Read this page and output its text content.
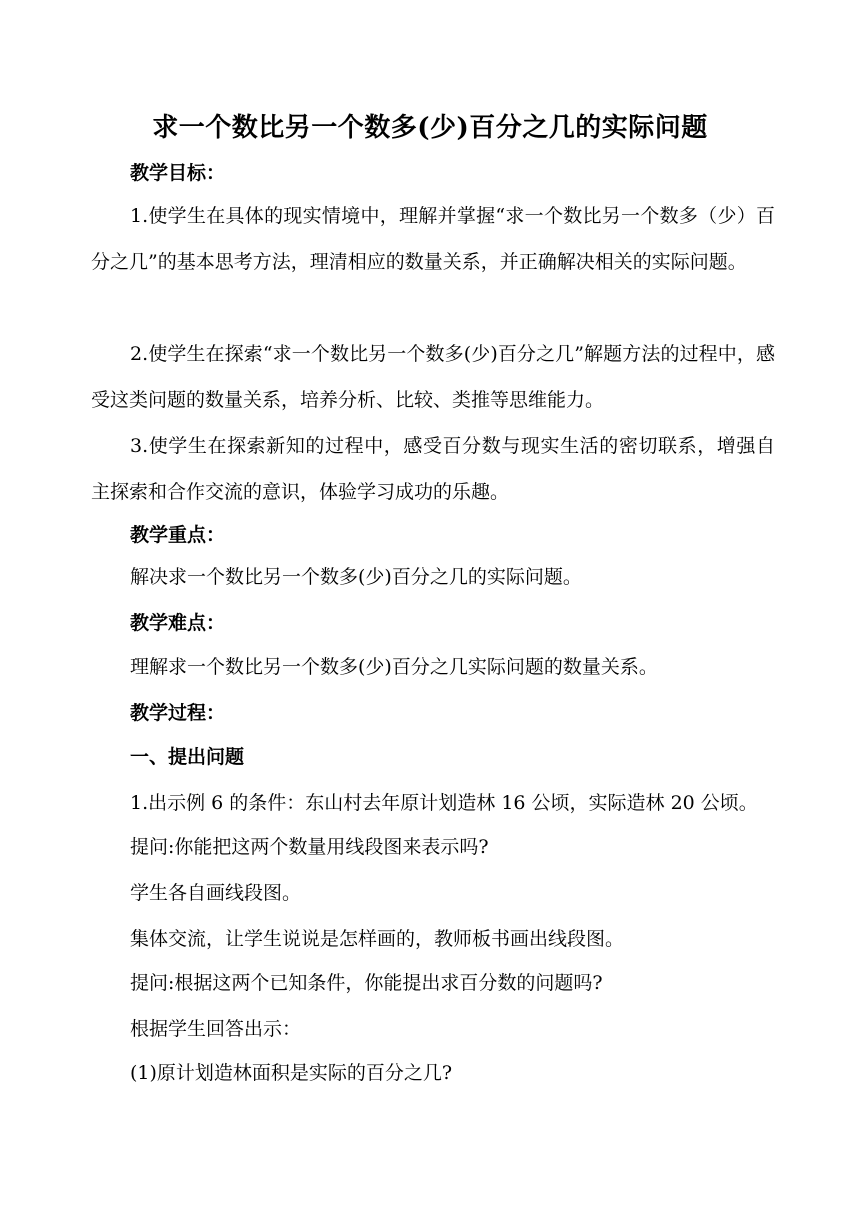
求一个数比另一个数多(少)百分之几的实际问题
教学目标：
1.使学生在具体的现实情境中，理解并掌握“求一个数比另一个数多（少）百分之几”的基本思考方法，理清相应的数量关系，并正确解决相关的实际问题。
2.使学生在探索“求一个数比另一个数多(少)百分之几”解题方法的过程中，感受这类问题的数量关系，培养分析、比较、类推等思维能力。
3.使学生在探索新知的过程中，感受百分数与现实生活的密切联系，增强自主探索和合作交流的意识，体验学习成功的乐趣。
教学重点：
解决求一个数比另一个数多(少)百分之几的实际问题。
教学难点：
理解求一个数比另一个数多(少)百分之几实际问题的数量关系。
教学过程：
一、提出问题
1.出示例 6 的条件：东山村去年原计划造林 16 公顷，实际造林 20 公顷。
提问:你能把这两个数量用线段图来表示吗?
学生各自画线段图。
集体交流，让学生说说是怎样画的，教师板书画出线段图。
提问:根据这两个已知条件，你能提出求百分数的问题吗?
根据学生回答出示：
(1)原计划造林面积是实际的百分之几?
